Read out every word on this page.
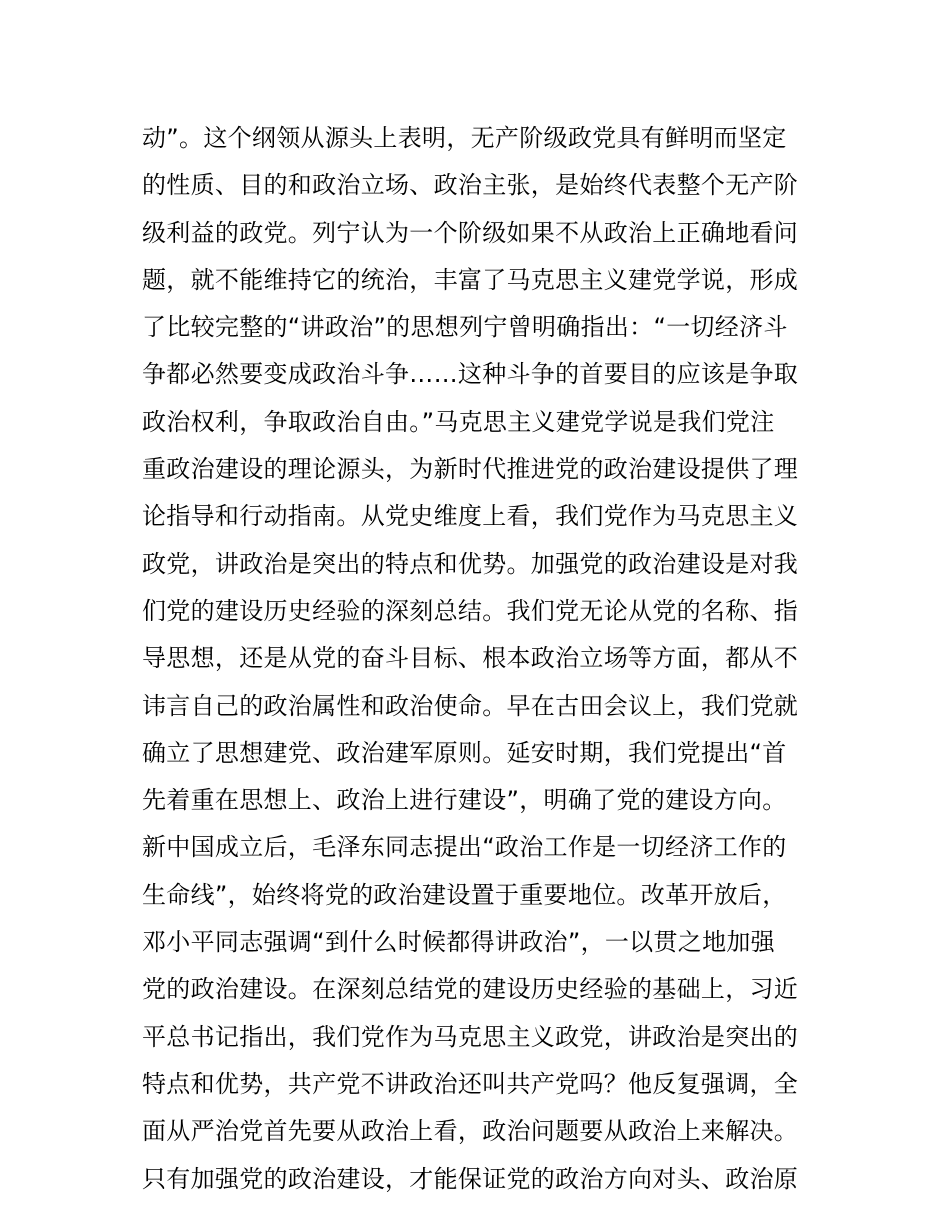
动”。这个纲领从源头上表明，无产阶级政党具有鲜明而坚定
的性质、目的和政治立场、政治主张，是始终代表整个无产阶
级利益的政党。列宁认为一个阶级如果不从政治上正确地看问
题，就不能维持它的统治，丰富了马克思主义建党学说，形成
了比较完整的“讲政治”的思想列宁曾明确指出：“一切经济斗
争都必然要变成政治斗争……这种斗争的首要目的应该是争取
政治权利，争取政治自由。”马克思主义建党学说是我们党注
重政治建设的理论源头，为新时代推进党的政治建设提供了理
论指导和行动指南。从党史维度上看，我们党作为马克思主义
政党，讲政治是突出的特点和优势。加强党的政治建设是对我
们党的建设历史经验的深刻总结。我们党无论从党的名称、指
导思想，还是从党的奋斗目标、根本政治立场等方面，都从不
讳言自己的政治属性和政治使命。早在古田会议上，我们党就
确立了思想建党、政治建军原则。延安时期，我们党提出“首
先着重在思想上、政治上进行建设”，明确了党的建设方向。
新中国成立后，毛泽东同志提出“政治工作是一切经济工作的
生命线”，始终将党的政治建设置于重要地位。改革开放后，
邓小平同志强调“到什么时候都得讲政治”，一以贯之地加强
党的政治建设。在深刻总结党的建设历史经验的基础上，习近
平总书记指出，我们党作为马克思主义政党，讲政治是突出的
特点和优势，共产党不讲政治还叫共产党吗？他反复强调，全
面从严治党首先要从政治上看，政治问题要从政治上来解决。
只有加强党的政治建设，才能保证党的政治方向对头、政治原
